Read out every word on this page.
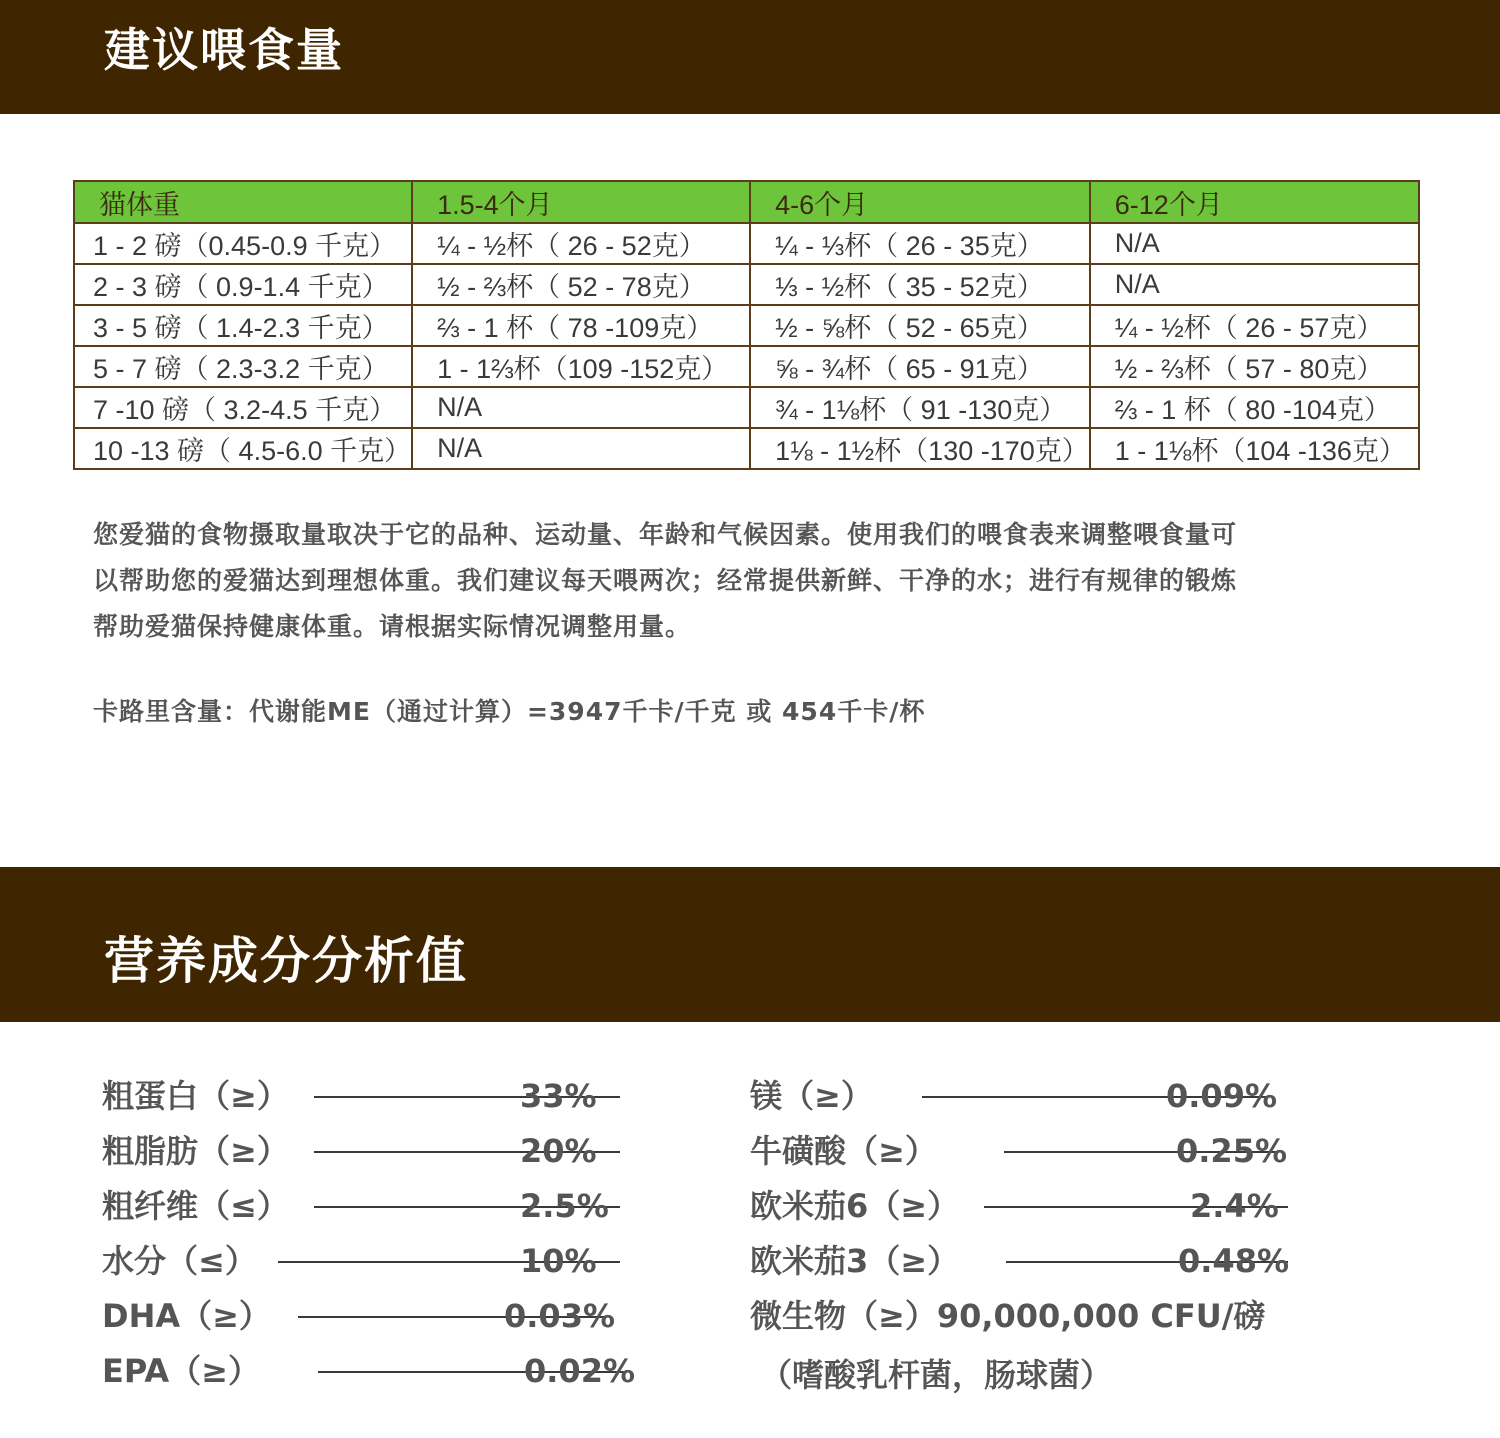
建议喂食量
猫体重	1.5-4个月	4-6个月	6-12个月
1 - 2 磅（0.45-0.9 千克）	¼ - ½杯（ 26 - 52克）	¼ - ⅓杯（ 26 - 35克）	N/A
2 - 3 磅（ 0.9-1.4 千克）	½ - ⅔杯（ 52 - 78克）	⅓ - ½杯（ 35 - 52克）	N/A
3 - 5 磅（ 1.4-2.3 千克）	⅔ - 1 杯（ 78 -109克）	½ - ⅝杯（ 52 - 65克）	¼ - ½杯（ 26 - 57克）
5 - 7 磅（ 2.3-3.2 千克）	1 - 1⅔杯（109 -152克）	⅝ - ¾杯（ 65 - 91克）	½ - ⅔杯（ 57 - 80克）
7 -10 磅（ 3.2-4.5 千克）	N/A	¾ - 1⅛杯（ 91 -130克）	⅔ - 1 杯（ 80 -104克）
10 -13 磅（ 4.5-6.0 千克）	N/A	1⅛ - 1½杯（130 -170克）	1 - 1⅛杯（104 -136克）
您爱猫的食物摄取量取决于它的品种、运动量、年龄和气候因素。使用我们的喂食表来调整喂食量可
以帮助您的爱猫达到理想体重。我们建议每天喂两次；经常提供新鲜、干净的水；进行有规律的锻炼
帮助爱猫保持健康体重。请根据实际情况调整用量。
卡路里含量：代谢能ME（通过计算）=3947千卡/千克 或 454千卡/杯
营养成分分析值
粗蛋白（≥）	33%
粗脂肪（≥）	20%
粗纤维（≤）	2.5%
水分（≤）	10%
DHA（≥）	0.03%
EPA（≥）	0.02%
镁（≥）	0.09%
牛磺酸（≥）	0.25%
欧米茄6（≥）	2.4%
欧米茄3（≥）	0.48%
微生物（≥）90,000,000 CFU/磅
（嗜酸乳杆菌，肠球菌）
